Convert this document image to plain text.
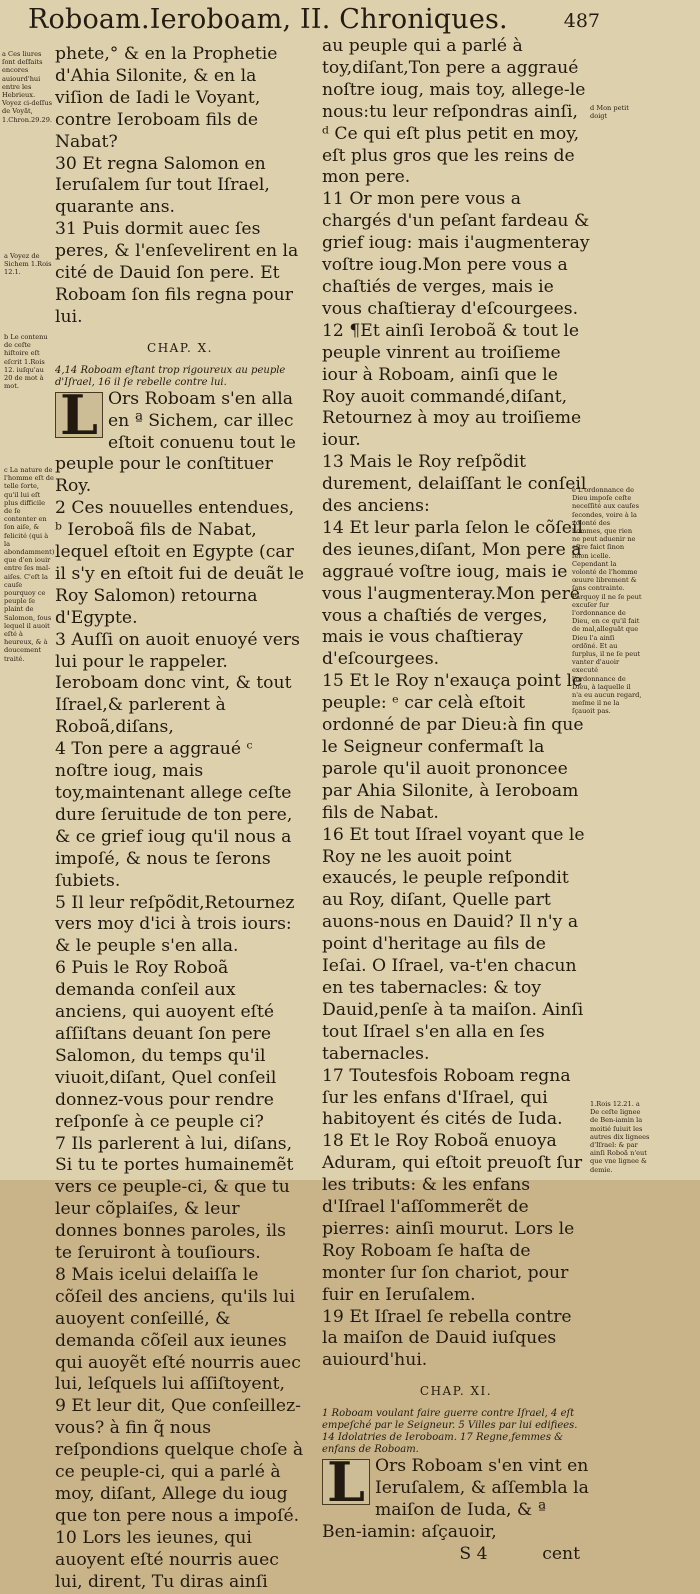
Roboam.Ieroboam, II. Chroniques.	487

phete,° & en la Prophetie d'Ahia Silonite, & en la viſion de Iadi le Voyant, contre Ieroboam fils de Nabat?

30 Et regna Salomon en Ieruſalem ſur tout Iſrael, quarante ans.

31 Puis dormit auec ſes peres, & l'enſevelirent en la cité de Dauid ſon pere. Et Roboam ſon fils regna pour lui.

CHAP. X.

4,14 Roboam eſtant trop rigoureux au peuple d'Iſrael, 16 il ſe rebelle contre lui.

L Ors Roboam s'en alla en ª Sichem, car illec eſtoit conuenu tout le peuple pour le conſtituer Roy.

2 Ces nouuelles entendues, ᵇ Ieroboã fils de Nabat, lequel eſtoit en Egypte (car il s'y en eſtoit fui de deuãt le Roy Salomon) retourna d'Egypte.

3 Auſſi on auoit enuoyé vers lui pour le rappeler. Ieroboam donc vint, & tout Iſrael,& parlerent à Roboã,diſans,

4 Ton pere a aggraué ᶜ noſtre ioug, mais toy,maintenant allege ceſte dure ſeruitude de ton pere, & ce grief ioug qu'il nous a impoſé, & nous te ſerons ſubiets.

5 Il leur reſpõdit,Retournez vers moy d'ici à trois iours: & le peuple s'en alla.

6 Puis le Roy Roboã demanda conſeil aux anciens, qui auoyent eſté aſſiſtans deuant ſon pere Salomon, du temps qu'il viuoit,diſant, Quel conſeil donnez-vous pour rendre reſponſe à ce peuple ci?

7 Ils parlerent à lui, diſans, Si tu te portes humainemẽt vers ce peuple-ci, & que tu leur cõplaiſes, & leur donnes bonnes paroles, ils te ſeruiront à touſiours.

8 Mais icelui delaiſſa le cõſeil des anciens, qu'ils lui auoyent conſeillé, & demanda cõſeil aux ieunes qui auoyẽt eſté nourris auec lui, leſquels lui aſſiſtoyent,

9 Et leur dit, Que conſeillez-vous? à fin q̃ nous reſpondions quelque choſe à ce peuple-ci, qui a parlé à moy, diſant, Allege du ioug que ton pere nous a impoſé.

10 Lors les ieunes, qui auoyent eſté nourris auec lui, dirent, Tu diras ainſi

au peuple qui a parlé à toy,diſant,Ton pere a aggraué noſtre ioug, mais toy, allege-le nous:tu leur reſpondras ainſi, ᵈ Ce qui eſt plus petit en moy, eſt plus gros que les reins de mon pere.

11 Or mon pere vous a chargés d'un peſant fardeau & grief ioug: mais i'augmenteray voſtre ioug.Mon pere vous a chaſtiés de verges, mais ie vous chaſtieray d'eſcourgees.

12 ¶Et ainſi Ieroboã & tout le peuple vinrent au troiſieme iour à Roboam, ainſi que le Roy auoit commandé,diſant, Retournez à moy au troiſieme iour.

13 Mais le Roy reſpõdit durement, delaiſſant le conſeil des anciens:

14 Et leur parla ſelon le cõſeil des ieunes,diſant, Mon pere a aggraué voſtre ioug, mais ie vous l'augmenteray.Mon pere vous a chaſtiés de verges, mais ie vous chaſtieray d'eſcourgees.

15 Et le Roy n'exauça point le peuple: ᵉ car celà eſtoit ordonné de par Dieu:à fin que le Seigneur confermaſt la parole qu'il auoit prononcee par Ahia Silonite, à Ieroboam fils de Nabat.

16 Et tout Iſrael voyant que le Roy ne les auoit point exaucés, le peuple reſpondit au Roy, diſant, Quelle part auons-nous en Dauid? Il n'y a point d'heritage au fils de Ieſai. O Iſrael, va-t'en chacun en tes tabernacles: & toy Dauid,penſe à ta maiſon. Ainſi tout Iſrael s'en alla en ſes tabernacles.

17 Toutesfois Roboam regna ſur les enfans d'Iſrael, qui habitoyent és cités de Iuda.

18 Et le Roy Roboã enuoya Aduram, qui eſtoit preuoſt ſur les tributs: & les enfans d'Iſrael l'aſſommerẽt de pierres: ainſi mourut. Lors le Roy Roboam ſe haſta de monter ſur ſon chariot, pour fuir en Ieruſalem.

19 Et Iſrael ſe rebella contre la maiſon de Dauid iuſques auiourd'hui.

CHAP. XI.

1 Roboam voulant faire guerre contre Iſrael, 4 eſt empeſché par le Seigneur. 5 Villes par lui edifiees. 14 Idolatries de Ieroboam. 17 Regne,femmes & enfans de Roboam.

L Ors Roboam s'en vint en Ieruſalem, & aſſembla la maiſon de Iuda, & ª Ben-iamin: aſçauoir,

S 4	cent

a Ces liures ſont deſfaits encores auiourd'hui entre les Hebrieux. Voyez ci-deſſus de Voyãt, 1.Chron.29.29.
a Voyez de Sichem 1.Rois 12.1.
b Le contenu de ceſte hiſtoire eſt eſcrit 1.Rois 12. iuſqu'au 20 de mot à mot.
c La nature de l'homme eſt de telle ſorte, qu'il lui eſt plus difficile de ſe contenter en ſon aiſe, & felicité (qui à la abondamment) que d'en iouir entre ſes mal-aiſes. C'eſt la cauſe pourquoy ce peuple ſe plaint de Salomon, ſous lequel il auoit eſté à heureux, & à doucement traité.
d Mon petit doigt
e L'ordonnance de Dieu impoſe ceſte neceſſité aux cauſes ſecondes, voire à la volonté des hommes, que rien ne peut aduenir ne eſtre faict ſinon ſelon icelle. Cependant la volonté de l'homme œuure librement & ſans contrainte. Parquoy il ne ſe peut excuſer ſur l'ordonnance de Dieu, en ce qu'il fait de mal,alleguãt que Dieu l'a ainſi ordõné. Et au ſurplus, il ne ſe peut vanter d'auoir executé l'ordonnance de Dieu, à laquelle il n'a eu aucun regard, meſme il ne la ſçauoit pas.
1.Rois 12.21. a De ceſte lignee de Ben-iamin la moitié ſuiuit les autres dix lignees d'Iſrael: & par ainſi Roboã n'eut que vne lignee & demie.
